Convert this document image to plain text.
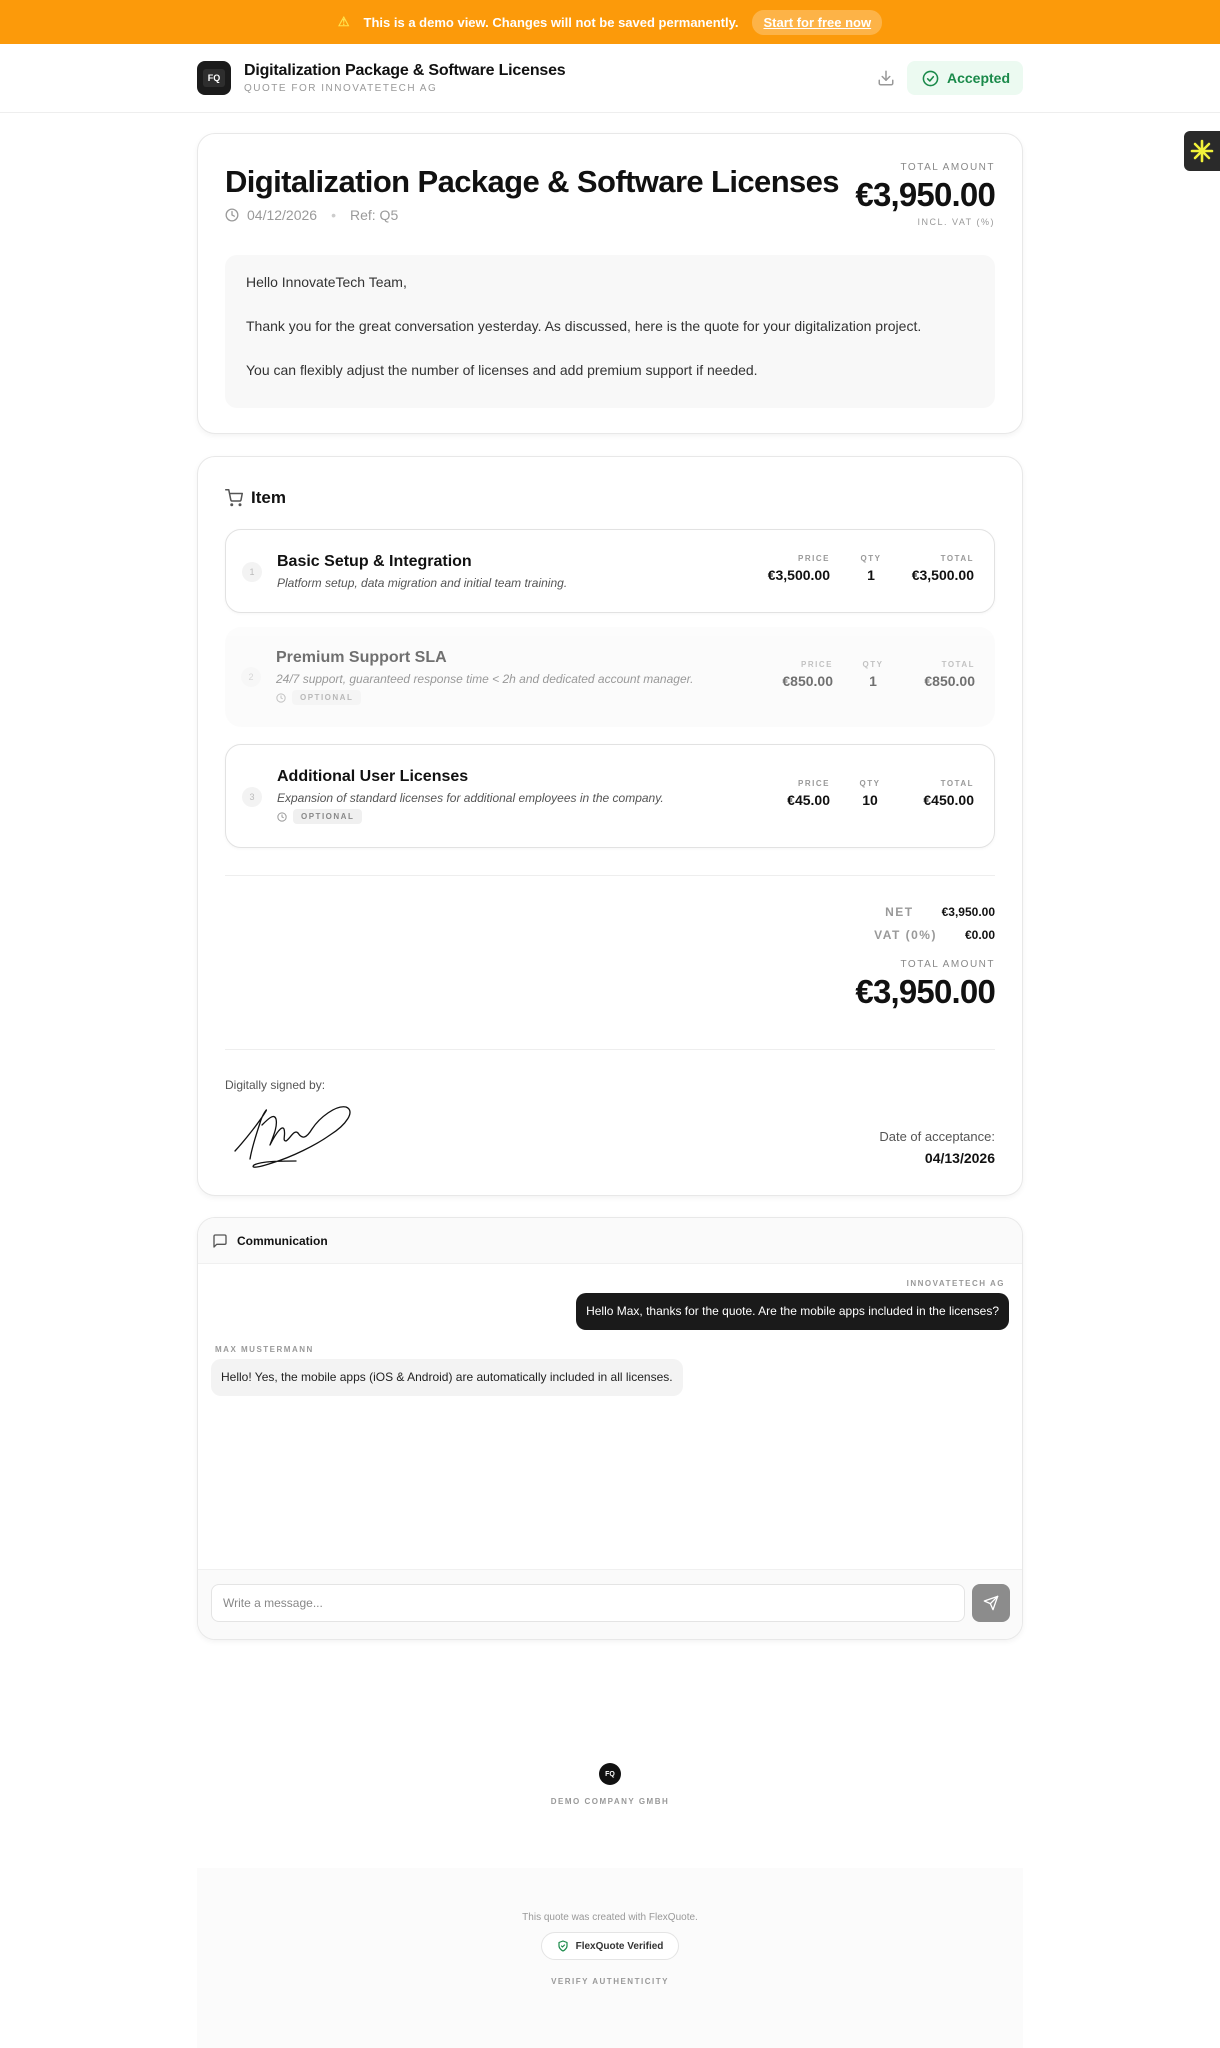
⚠ This is a demo view. Changes will not be saved permanently.	Start for free now
FQ Digitalization Package & Software Licenses
QUOTE FOR INNOVATETECH AG
Accepted
Digitalization Package & Software Licenses
04/12/2026 • Ref: Q5
TOTAL AMOUNT
€3,950.00
INCL. VAT (%)

Hello InnovateTech Team,

Thank you for the great conversation yesterday. As discussed, here is the quote for your digitalization project.

You can flexibly adjust the number of licenses and add premium support if needed.

Item
1
Basic Setup & Integration
Platform setup, data migration and initial team training.
PRICE
€3,500.00
QTY
1
TOTAL
€3,500.00
2
Premium Support SLA
24/7 support, guaranteed response time < 2h and dedicated account manager.
OPTIONAL
PRICE
€850.00
QTY
1
TOTAL
€850.00
3
Additional User Licenses
Expansion of standard licenses for additional employees in the company.
OPTIONAL
PRICE
€45.00
QTY
10
TOTAL
€450.00
NET €3,950.00
VAT (0%) €0.00
TOTAL AMOUNT
€3,950.00
Digitally signed by:
Date of acceptance:
04/13/2026
Communication
INNOVATETECH AG
Hello Max, thanks for the quote. Are the mobile apps included in the licenses?
MAX MUSTERMANN
Hello! Yes, the mobile apps (iOS & Android) are automatically included in all licenses.
Write a message...
FQ
DEMO COMPANY GMBH
This quote was created with FlexQuote.
FlexQuote Verified
VERIFY AUTHENTICITY
